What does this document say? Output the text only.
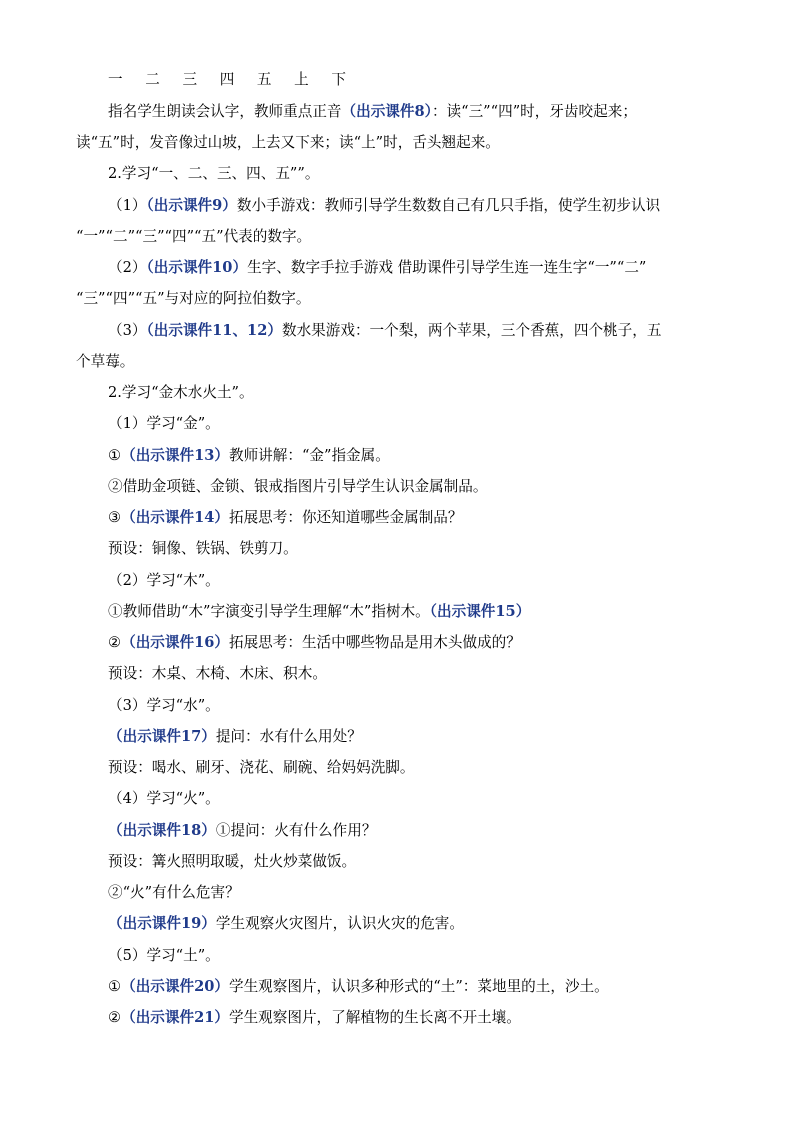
一 二 三 四 五 上 下
指名学生朗读会认字，教师重点正音（出示课件8）：读“三”“四”时，牙齿咬起来；
读“五”时，发音像过山坡，上去又下来；读“上”时，舌头翘起来。
2.学习“一、二、三、四、五””。
（1）（出示课件9）数小手游戏：教师引导学生数数自己有几只手指，使学生初步认识
“一”“二”“三”“四”“五”代表的数字。
（2）（出示课件10）生字、数字手拉手游戏 借助课件引导学生连一连生字“一”“二”
“三”“四”“五”与对应的阿拉伯数字。
（3）（出示课件11、12）数水果游戏：一个梨，两个苹果，三个香蕉，四个桃子，五
个草莓。
2.学习“金木水火土”。
（1）学习“金”。
①（出示课件13）教师讲解：“金”指金属。
②借助金项链、金锁、银戒指图片引导学生认识金属制品。
③（出示课件14）拓展思考：你还知道哪些金属制品？
预设：铜像、铁锅、铁剪刀。
（2）学习“木”。
①教师借助“木”字演变引导学生理解“木”指树木。（出示课件15）
②（出示课件16）拓展思考：生活中哪些物品是用木头做成的？
预设：木桌、木椅、木床、积木。
（3）学习“水”。
（出示课件17）提问：水有什么用处？
预设：喝水、刷牙、浇花、刷碗、给妈妈洗脚。
（4）学习“火”。
（出示课件18）①提问：火有什么作用？
预设：篝火照明取暖，灶火炒菜做饭。
②“火”有什么危害？
（出示课件19）学生观察火灾图片，认识火灾的危害。
（5）学习“土”。
①（出示课件20）学生观察图片，认识多种形式的“土”：菜地里的土，沙土。
②（出示课件21）学生观察图片，了解植物的生长离不开土壤。
